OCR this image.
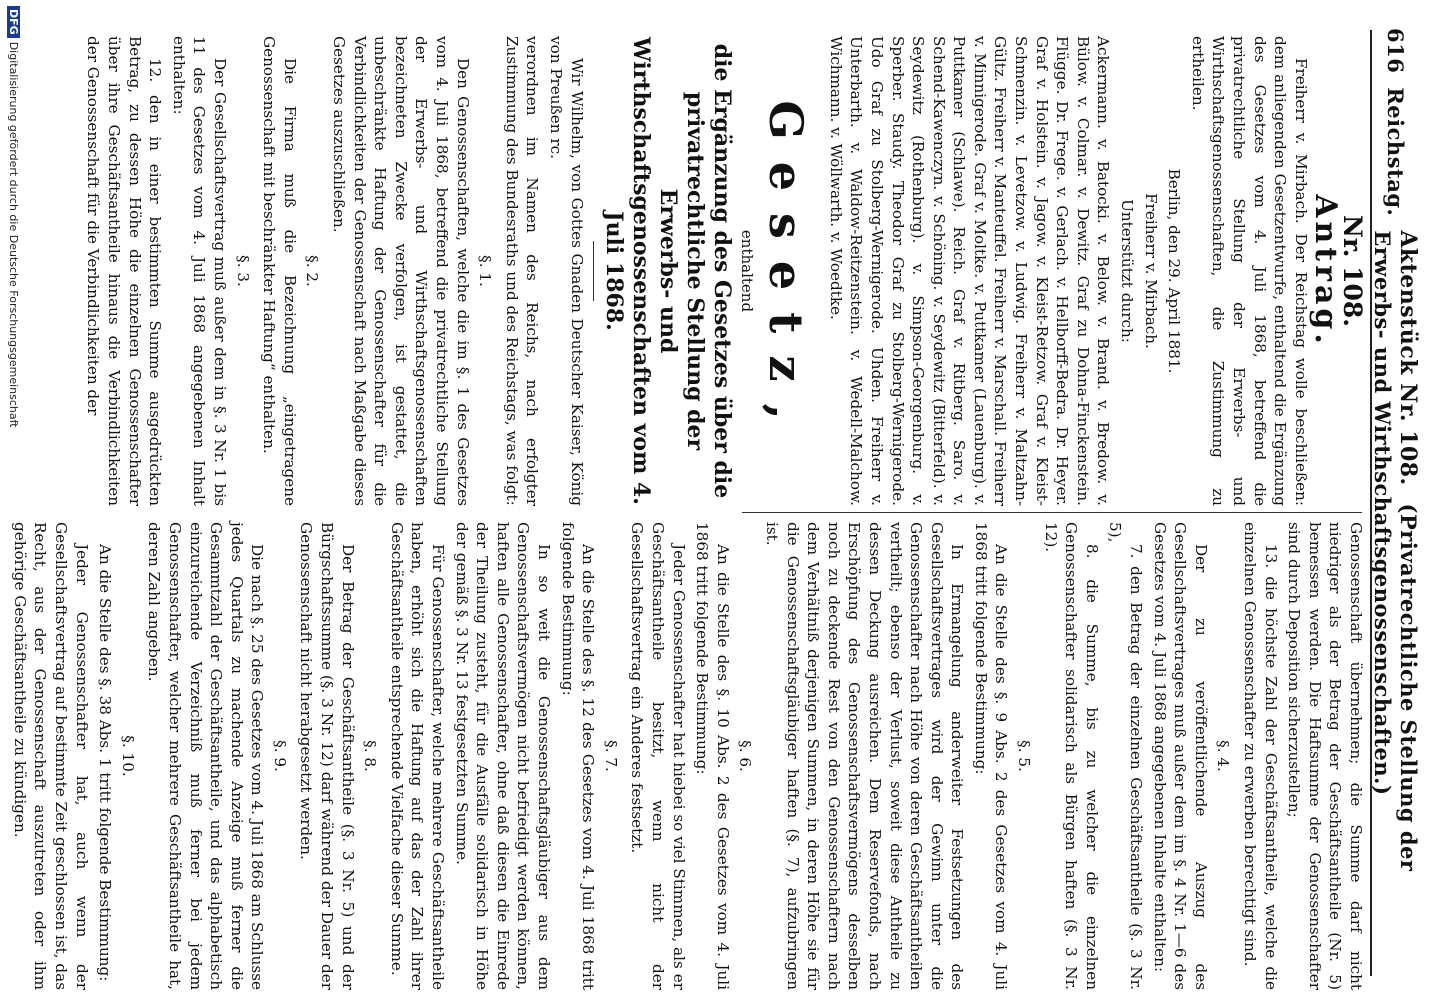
616
Reichstag.
Aktenstück Nr. 108. (Privatrechtliche Stellung der Erwerbs- und Wirthschaftsgenossenschaften.)
Nr. 108.
Antrag.

Freiherr v. Mirbach. Der Reichstag wolle beschließen: dem anliegenden Gesetzentwurfe, enthaltend die Ergänzung des Gesetzes vom 4. Juli 1868, betreffend die privatrechtliche Stellung der Erwerbs- und Wirthschaftsgenossenschaften, die Zustimmung zu ertheilen.

Berlin, den 29. April 1881.

Freiherr v. Mirbach.

Unterstützt durch:

Ackermann. v. Batocki. v. Below. v. Brand. v. Bredow. v. Bülow. v. Colmar. v. Dewitz. Graf zu Dohna-Finckenstein. Flügge. Dr. Frege. v. Gerlach. v. Hellborff-Bedra. Dr. Heyer. Graf v. Holstein. v. Jagow. v. Kleist-Retzow. Graf v. Kleist-Schmenzin. v. Levetzow. v. Ludwig. Freiherr v. Maltzahn-Gültz. Freiherr v. Manteuffel. Freiherr v. Marschall. Freiherr v. Minnigerode. Graf v. Moltke. v. Puttkamer (Lauenburg). v. Puttkamer (Schlawe). Reich. Graf v. Ritberg. Saro. v. Schend-Kawenczyn. v. Schöning. v. Seydewitz (Bitterfeld). v. Seydewitz (Rothenburg). v. Simpson-Georgenburg. v. Sperber. Staudy. Theodor Graf zu Stolberg-Wernigerode. Udo Graf zu Stolberg-Wernigerode. Uhden. Freiherr v. Unterbarth. v. Waldow-Reitzenstein. v. Wedell-Malchow. Wichmann. v. Wöllwarth. v. Woedtke.

Gesetz,
enthaltend
die Ergänzung des Gesetzes über die privatrechtliche Stellung der Erwerbs- und Wirthschaftsgenossenschaften vom 4. Juli 1868.

Wir Wilhelm, von Gottes Gnaden Deutscher Kaiser, König von Preußen rc.

verordnen im Namen des Reichs, nach erfolgter Zustimmung des Bundesraths und des Reichstags, was folgt:

§. 1.

Den Genossenschaften, welche die im §. 1 des Gesetzes vom 4. Juli 1868, betreffend die privatrechtliche Stellung der Erwerbs- und Wirthschaftsgenossenschaften bezeichneten Zwecke verfolgen, ist gestattet, die unbeschränkte Haftung der Genossenschafter für die Verbindlichkeiten der Genossenschaft nach Maßgabe dieses Gesetzes auszuschließen.

§. 2.

Die Firma muß die Bezeichnung „eingetragene Genossenschaft mit beschränkter Haftung“ enthalten.

§. 3.

Der Gesellschaftsvertrag muß außer dem in §. 3 Nr. 1 bis 11 des Gesetzes vom 4. Juli 1868 angegebenen Inhalt enthalten:

12. den in einer bestimmten Summe ausgedrückten Betrag, zu dessen Höhe die einzelnen Genossenschafter über ihre Geschäftsantheile hinaus die Verbindlichkeiten der Genossenschaft für die Verbindlichkeiten der

Genossenschaft übernehmen; die Summe darf nicht niedriger als der Betrag der Geschäftsantheile (Nr. 5) bemessen werden. Die Haftsumme der Genossenschafter sind durch Deposition sicherzustellen;

13. die höchste Zahl der Geschäftsantheile, welche die einzelnen Genossenschafter zu erwerben berechtigt sind.

§. 4.

Der zu veröffentlichende Auszug des Gesellschaftsvertrages muß außer dem im §. 4 Nr. 1—6 des Gesetzes vom 4. Juli 1868 angegebenen Inhalte enthalten:

7. den Betrag der einzelnen Geschäftsantheile (§. 3 Nr. 5),

8. die Summe, bis zu welcher die einzelnen Genossenschafter solidarisch als Bürgen haften (§. 3 Nr. 12).

§. 5.

An die Stelle des §. 9 Abs. 2 des Gesetzes vom 4. Juli 1868 tritt folgende Bestimmung:

In Ermangelung anderweiter Festsetzungen des Gesellschaftsvertrages wird der Gewinn unter die Genossenschafter nach Höhe von deren Geschäftsantheilen vertheilt; ebenso der Verlust, soweit diese Antheile zu dessen Deckung ausreichen. Dem Reservefonds, nach Erschöpfung des Genossenschaftsvermögens desselben noch zu deckende Rest von den Genossenschaftern nach dem Verhältniß derjenigen Summen, in deren Höhe sie für die Genossenschaftsgläubiger haften (§. 7), aufzubringen ist.

§. 6.

An die Stelle des §. 10 Abs. 2 des Gesetzes vom 4. Juli 1868 tritt folgende Bestimmung:

Jeder Genossenschafter hat hiebei so viel Stimmen, als er Geschäftsantheile besitzt, wenn nicht der Gesellschaftsvertrag ein Anderes festsetzt.

§. 7.

An die Stelle des §. 12 des Gesetzes vom 4. Juli 1868 tritt folgende Bestimmung:

In so weit die Genossenschaftsgläubiger aus dem Genossenschaftsvermögen nicht befriedigt werden können, haften alle Genossenschafter, ohne daß diesen die Einrede der Theilung zusteht, für die Ausfälle solidarisch in Höhe der gemäß §. 3 Nr. 13 festgesetzten Summe.

Für Genossenschafter, welche mehrere Geschäftsantheile haben, erhöht sich die Haftung auf das der Zahl ihrer Geschäftsantheile entsprechende Vielfache dieser Summe.

§. 8.

Der Betrag der Geschäftsantheile (§. 3 Nr. 5) und der Bürgschaftssumme (§. 3 Nr. 12) darf während der Dauer der Genossenschaft nicht herabgesetzt werden.

§. 9.

Die nach §. 25 des Gesetzes vom 4. Juli 1868 am Schlusse jedes Quartals zu machende Anzeige muß ferner die Gesammtzahl der Geschäftsantheile, und das alphabetisch einzureichende Verzeichniß muß ferner bei jedem Genossenschafter, welcher mehrere Geschäftsantheile hat, deren Zahl angeben.

§. 10.

An die Stelle des §. 38 Abs. 1 tritt folgende Bestimmung:

Jeder Genossenschafter hat, auch wenn der Gesellschaftsvertrag auf bestimmte Zeit geschlossen ist, das Recht, aus der Genossenschaft auszutreten oder ihm gehörige Geschäftsantheile zu kündigen.

DFGDigitalisierung gefördert durch die Deutsche Forschungsgemeinschaft
